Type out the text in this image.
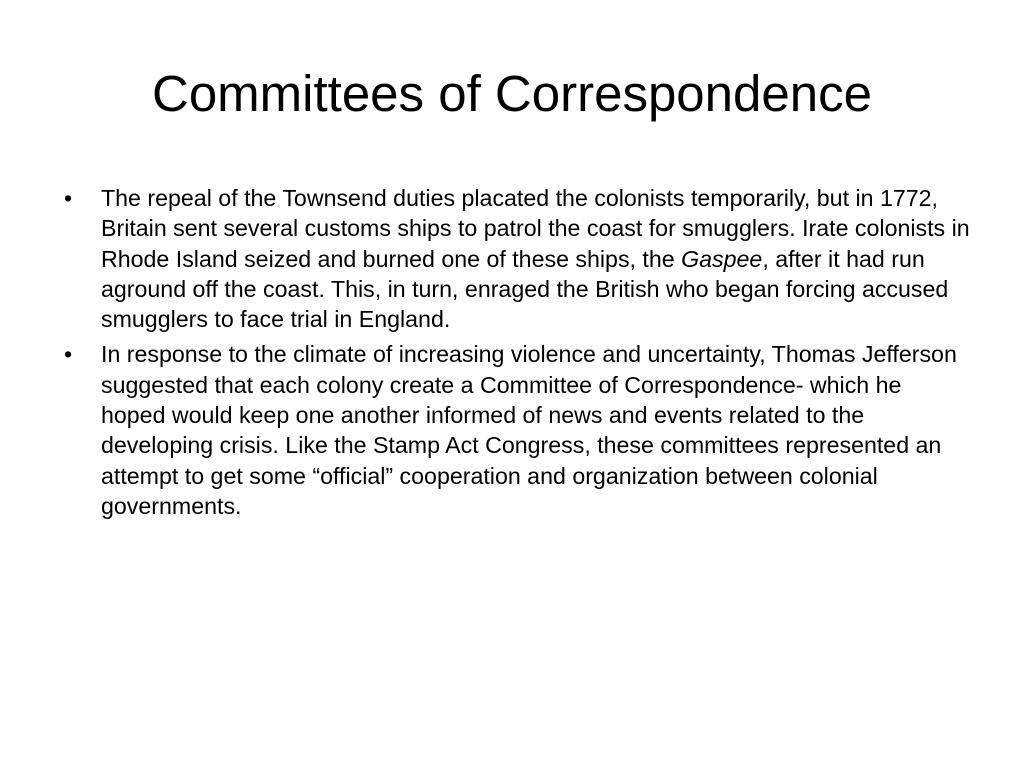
Committees of Correspondence
• The repeal of the Townsend duties placated the colonists temporarily, but in 1772, Britain sent several customs ships to patrol the coast for smugglers. Irate colonists in Rhode Island seized and burned one of these ships, the Gaspee, after it had run aground off the coast. This, in turn, enraged the British who began forcing accused smugglers to face trial in England.
• In response to the climate of increasing violence and uncertainty, Thomas Jefferson suggested that each colony create a Committee of Correspondence- which he hoped would keep one another informed of news and events related to the developing crisis. Like the Stamp Act Congress, these committees represented an attempt to get some “official” cooperation and organization between colonial governments.
